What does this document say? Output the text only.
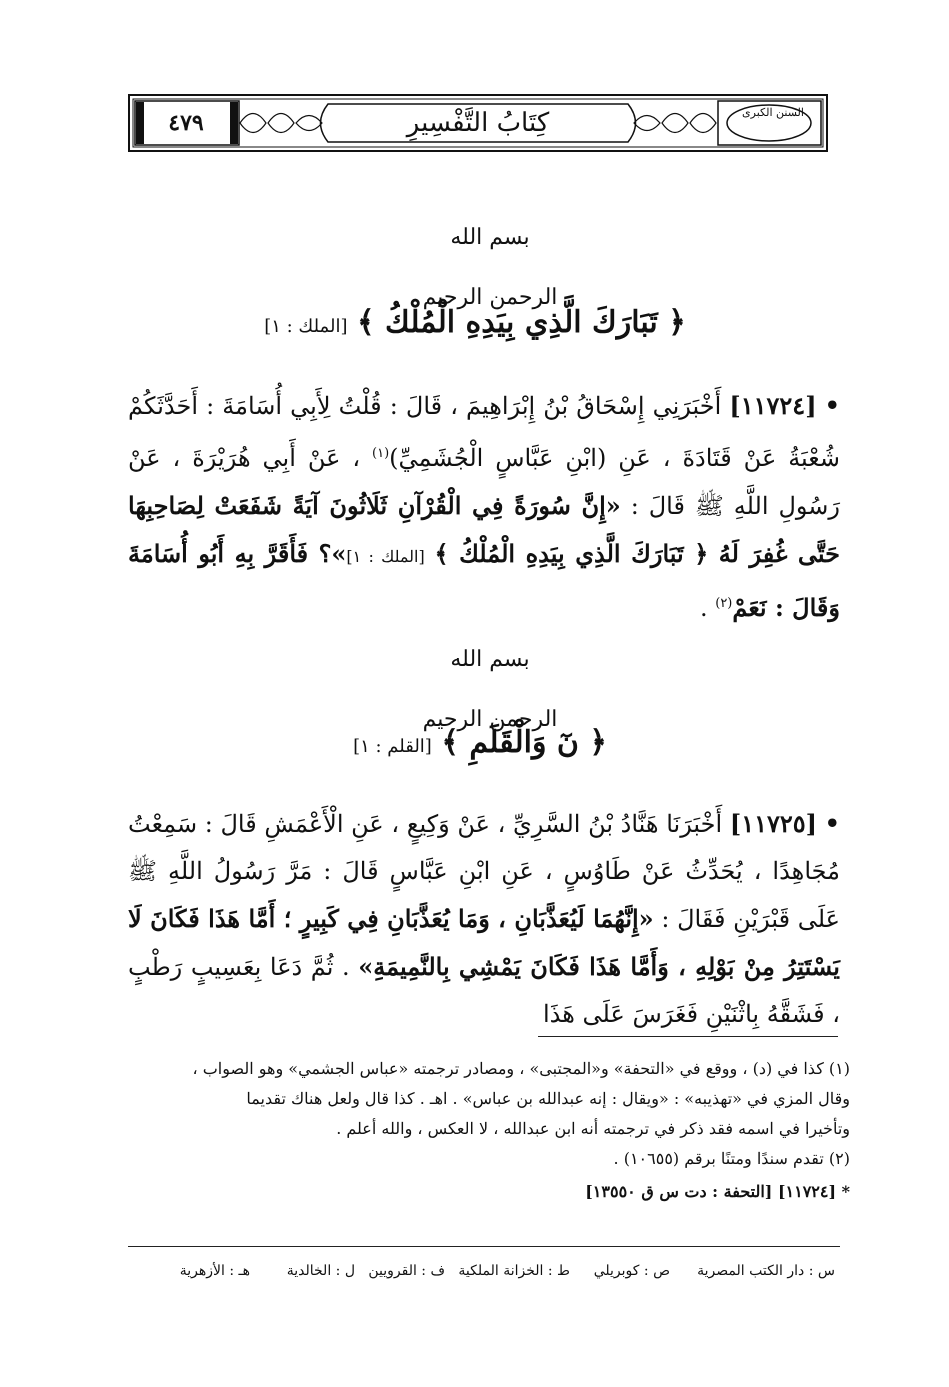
٤٧٩	كِتَابُ التَّفْسِيرِ	السنن الكبرى
بسم الله الرحمن الرحيم
﴿ تَبَارَكَ الَّذِي بِيَدِهِ الْمُلْكُ ﴾ [الملك : ١]
• [١١٧٢٤] أَخْبَرَنِي إِسْحَاقُ بْنُ إِبْرَاهِيمَ ، قَالَ : قُلْتُ لِأَبِي أُسَامَةَ : أَحَدَّثَكُمْ شُعْبَةُ عَنْ قَتَادَةَ ، عَنِ (ابْنِ عَبَّاسٍ الْجُشَمِيِّ)$^{(١)}$ ، عَنْ أَبِي هُرَيْرَةَ ، عَنْ رَسُولِ اللَّهِ ﷺ قَالَ : «إِنَّ سُورَةً فِي الْقُرْآنِ ثَلَاثُونَ آيَةً شَفَعَتْ لِصَاحِبِهَا حَتَّى غُفِرَ لَهُ ﴿ تَبَارَكَ الَّذِي بِيَدِهِ الْمُلْكُ ﴾ [الملك : ١]»؟ فَأَقَرَّ بِهِ أَبُو أُسَامَةَ وَقَالَ : نَعَمْ$^{(٢)}$ .
بسم الله الرحمن الرحيم
﴿ نٓ وَالْقَلَمِ ﴾ [القلم : ١]
• [١١٧٢٥] أَخْبَرَنَا هَنَّادُ بْنُ السَّرِيِّ ، عَنْ وَكِيعٍ ، عَنِ الْأَعْمَشِ قَالَ : سَمِعْتُ مُجَاهِدًا ، يُحَدِّثُ عَنْ طَاوُسٍ ، عَنِ ابْنِ عَبَّاسٍ قَالَ : مَرَّ رَسُولُ اللَّهِ ﷺ عَلَى قَبْرَيْنِ فَقَالَ : «إِنَّهُمَا لَيُعَذَّبَانِ ، وَمَا يُعَذَّبَانِ فِي كَبِيرٍ ؛ أَمَّا هَذَا فَكَانَ لَا يَسْتَتِرُ مِنْ بَوْلِهِ ، وَأَمَّا هَذَا فَكَانَ يَمْشِي بِالنَّمِيمَةِ» . ثُمَّ دَعَا بِعَسِيبٍ رَطْبٍ ، فَشَقَّهُ بِاثْنَيْنِ فَغَرَسَ عَلَى هَذَا
(١) كذا في (د) ، ووقع في «التحفة» و«المجتبى» ، ومصادر ترجمته «عباس الجشمي» وهو الصواب ،
وقال المزي في «تهذيبه» : «ويقال : إنه عبدالله بن عباس» . اهـ . كذا قال ولعل هناك تقديما
وتأخيرا في اسمه فقد ذكر في ترجمته أنه ابن عبدالله ، لا العكس ، والله أعلم .
(٢) تقدم سندًا ومتنًا برقم (١٠٦٥٥) .
* [١١٧٢٤] [التحفة : دت س ق ١٣٥٥٠]
س : دار الكتب المصرية
ص : كوبريلي
ط : الخزانة الملكية
ف : القرويين
ل : الخالدية
هـ : الأزهرية
